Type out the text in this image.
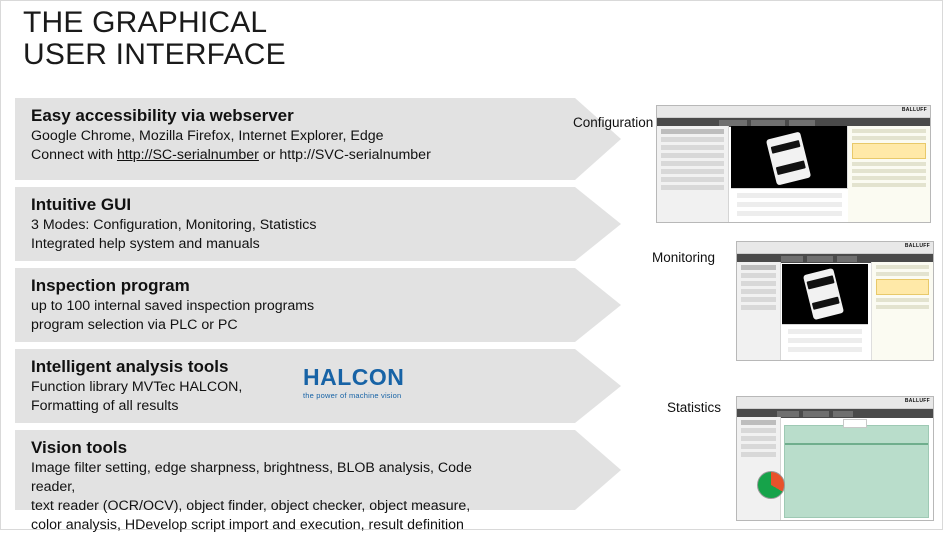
THE GRAPHICAL
USER INTERFACE
Easy accessibility via webserver

Google Chrome, Mozilla Firefox, Internet Explorer, Edge

Connect with http://SC-serialnumber or http://SVC-serialnumber

Intuitive GUI

3 Modes: Configuration, Monitoring, Statistics

Integrated help system and manuals

Inspection program

up to 100 internal saved inspection programs

program selection via PLC or PC

Intelligent analysis tools

Function library MVTec HALCON,

Formatting of all results

HALCON
the power of machine vision
Vision tools

Image filter setting, edge sharpness, brightness, BLOB analysis, Code reader,

text reader (OCR/OCV), object finder, object checker, object measure,

color analysis, HDevelop script import and execution, result definition

Configuration
Monitoring
Statistics
BALLUFF
BALLUFF
BALLUFF
